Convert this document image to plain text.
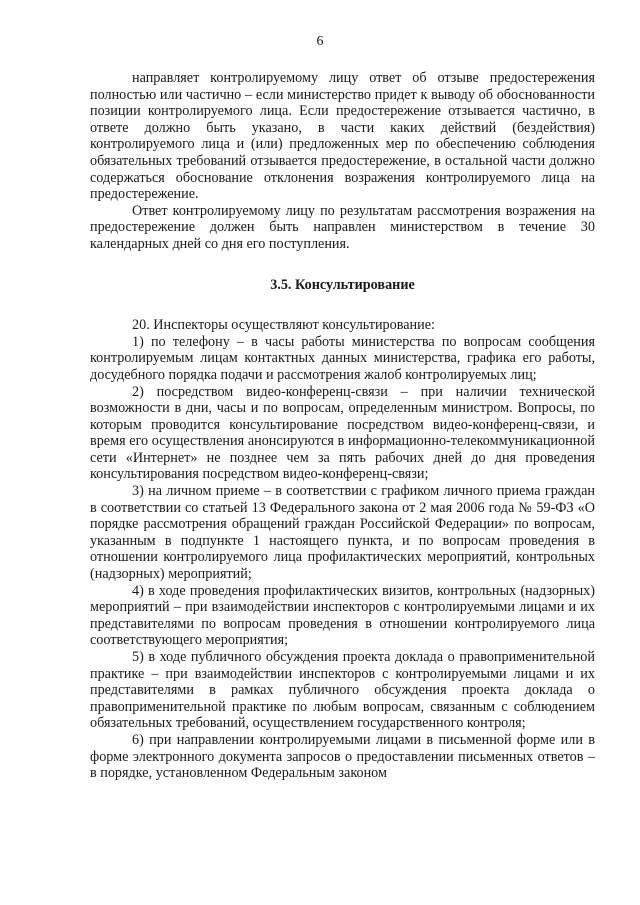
6

направляет контролируемому лицу ответ об отзыве предостережения полностью или частично – если министерство придет к выводу об обоснованности позиции контролируемого лица. Если предостережение отзывается частично, в ответе должно быть указано, в части каких действий (бездействия) контролируемого лица и (или) предложенных мер по обеспечению соблюдения обязательных требований отзывается предостережение, в остальной части должно содержаться обоснование отклонения возражения контролируемого лица на предостережение.

Ответ контролируемому лицу по результатам рассмотрения возражения на предостережение должен быть направлен министерством в течение 30 календарных дней со дня его поступления.

3.5. Консультирование

20. Инспекторы осуществляют консультирование:

1) по телефону – в часы работы министерства по вопросам сообщения контролируемым лицам контактных данных министерства, графика его работы, досудебного порядка подачи и рассмотрения жалоб контролируемых лиц;

2) посредством видео-конференц-связи – при наличии технической возможности в дни, часы и по вопросам, определенным министром. Вопросы, по которым проводится консультирование посредством видео-конференц-связи, и время его осуществления анонсируются в информационно-телекоммуникационной сети «Интернет» не позднее чем за пять рабочих дней до дня проведения консультирования посредством видео-конференц-связи;

3) на личном приеме – в соответствии с графиком личного приема граждан в соответствии со статьей 13 Федерального закона от 2 мая 2006 года № 59-ФЗ «О порядке рассмотрения обращений граждан Российской Федерации» по вопросам, указанным в подпункте 1 настоящего пункта, и по вопросам проведения в отношении контролируемого лица профилактических мероприятий, контрольных (надзорных) мероприятий;

4) в ходе проведения профилактических визитов, контрольных (надзорных) мероприятий – при взаимодействии инспекторов с контролируемыми лицами и их представителями по вопросам проведения в отношении контролируемого лица соответствующего мероприятия;

5) в ходе публичного обсуждения проекта доклада о правоприменительной практике – при взаимодействии инспекторов с контролируемыми лицами и их представителями в рамках публичного обсуждения проекта доклада о правоприменительной практике по любым вопросам, связанным с соблюдением обязательных требований, осуществлением государственного контроля;

6) при направлении контролируемыми лицами в письменной форме или в форме электронного документа запросов о предоставлении письменных ответов – в порядке, установленном Федеральным законом
